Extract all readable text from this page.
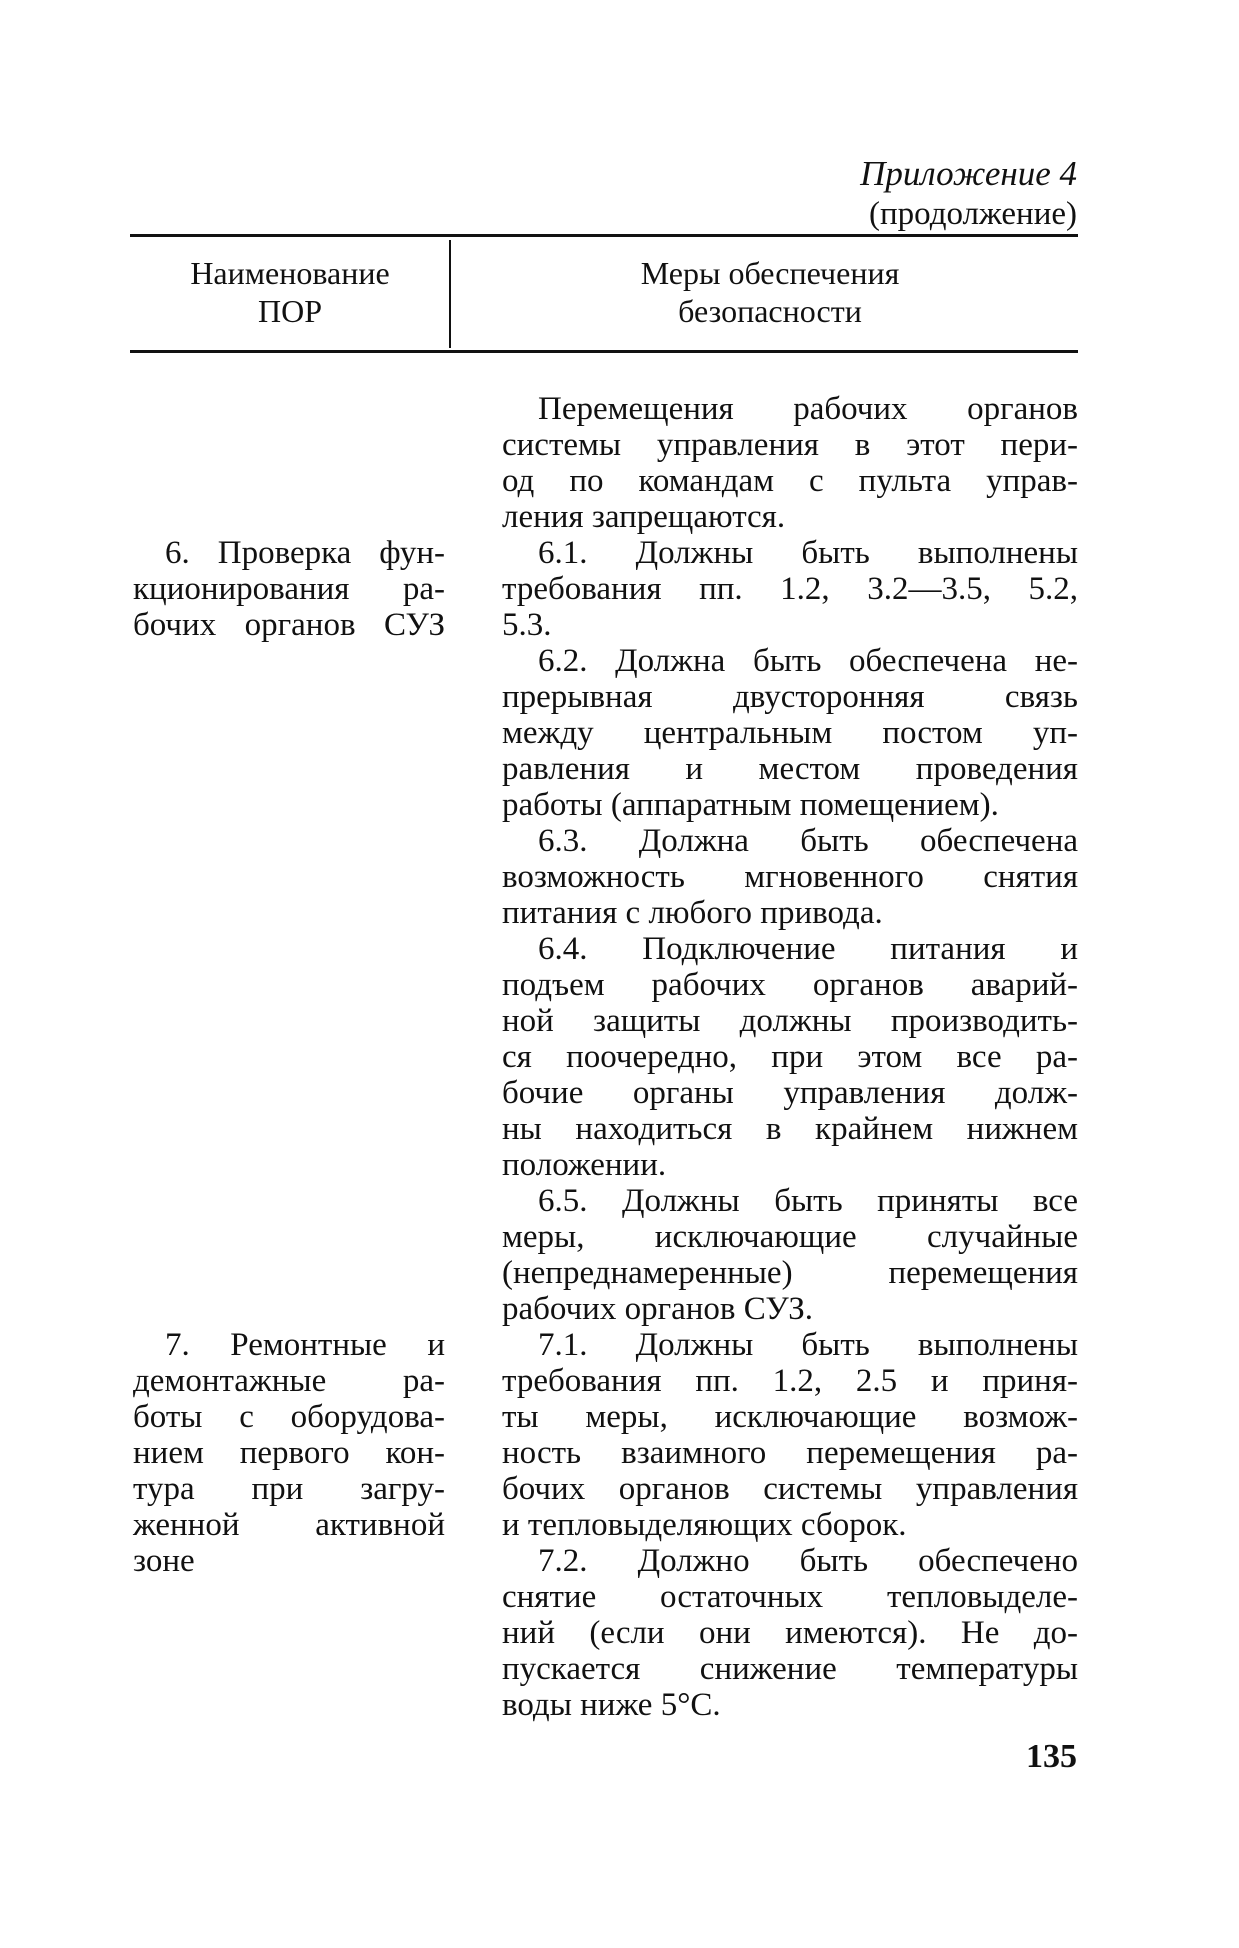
Приложение 4
(продолжение)
Наименование
ПОР
Меры обеспечения
безопасности
Перемещения рабочих органов
системы управления в этот пери-
од по командам с пульта управ-
ления запрещаются.
6.1. Должны быть выполнены
требования пп. 1.2, 3.2—3.5, 5.2,
5.3.
6.2. Должна быть обеспечена не-
прерывная двусторонняя связь
между центральным постом уп-
равления и местом проведения
работы (аппаратным помещением).
6.3. Должна быть обеспечена
возможность мгновенного снятия
питания с любого привода.
6.4. Подключение питания и
подъем рабочих органов аварий-
ной защиты должны производить-
ся поочередно, при этом все ра-
бочие органы управления долж-
ны находиться в крайнем нижнем
положении.
6.5. Должны быть приняты все
меры, исключающие случайные
(непреднамеренные) перемещения
рабочих органов СУЗ.
7.1. Должны быть выполнены
требования пп. 1.2, 2.5 и приня-
ты меры, исключающие возмож-
ность взаимного перемещения ра-
бочих органов системы управления
и тепловыделяющих сборок.
7.2. Должно быть обеспечено
снятие остаточных тепловыделе-
ний (если они имеются). Не до-
пускается снижение температуры
воды ниже 5°С.
6. Проверка фун-
кционирования ра-
бочих органов СУЗ
7. Ремонтные и
демонтажные ра-
боты с оборудова-
нием первого кон-
тура при загру-
женной активной
зоне
135
